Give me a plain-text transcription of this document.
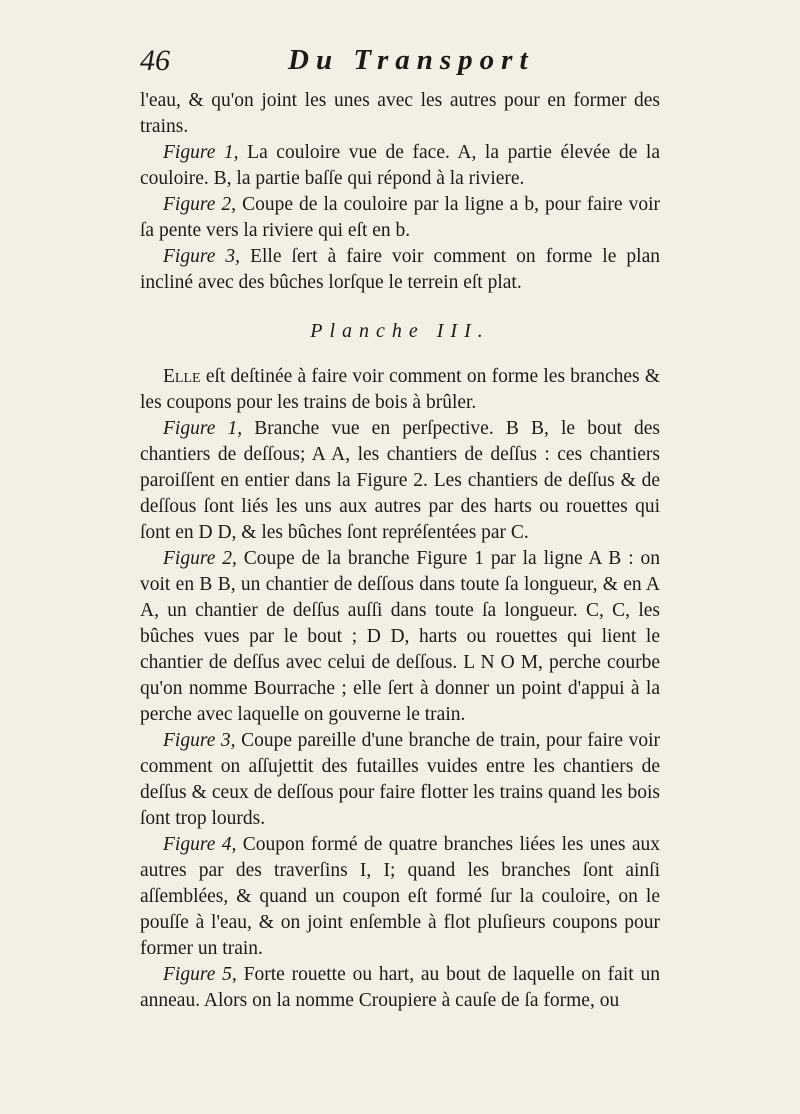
46	Du Transport

l'eau, & qu'on joint les unes avec les autres pour en former des trains.

Figure 1, La couloire vue de face. A, la partie élevée de la couloire. B, la partie baſſe qui répond à la riviere.

Figure 2, Coupe de la couloire par la ligne a b, pour faire voir ſa pente vers la riviere qui eſt en b.

Figure 3, Elle ſert à faire voir comment on forme le plan incliné avec des bûches lorſque le terrein eſt plat.

Planche III.

Elle eſt deſtinée à faire voir comment on forme les branches & les coupons pour les trains de bois à brûler.

Figure 1, Branche vue en perſpective. B B, le bout des chantiers de deſſous; A A, les chantiers de deſſus : ces chantiers paroiſſent en entier dans la Figure 2. Les chantiers de deſſus & de deſſous ſont liés les uns aux autres par des harts ou rouettes qui ſont en D D, & les bûches ſont repréſentées par C.

Figure 2, Coupe de la branche Figure 1 par la ligne A B : on voit en B B, un chantier de deſſous dans toute ſa longueur, & en A A, un chantier de deſſus auſſi dans toute ſa longueur. C, C, les bûches vues par le bout ; D D, harts ou rouettes qui lient le chantier de deſſus avec celui de deſſous. L N O M, perche courbe qu'on nomme Bourrache ; elle ſert à donner un point d'appui à la perche avec laquelle on gouverne le train.

Figure 3, Coupe pareille d'une branche de train, pour faire voir comment on aſſujettit des futailles vuides entre les chantiers de deſſus & ceux de deſſous pour faire flotter les trains quand les bois ſont trop lourds.

Figure 4, Coupon formé de quatre branches liées les unes aux autres par des traverſins I, I; quand les branches ſont ainſi aſſemblées, & quand un coupon eſt formé ſur la couloire, on le pouſſe à l'eau, & on joint enſemble à flot pluſieurs coupons pour former un train.

Figure 5, Forte rouette ou hart, au bout de laquelle on fait un anneau. Alors on la nomme Croupiere à cauſe de ſa forme, ou
